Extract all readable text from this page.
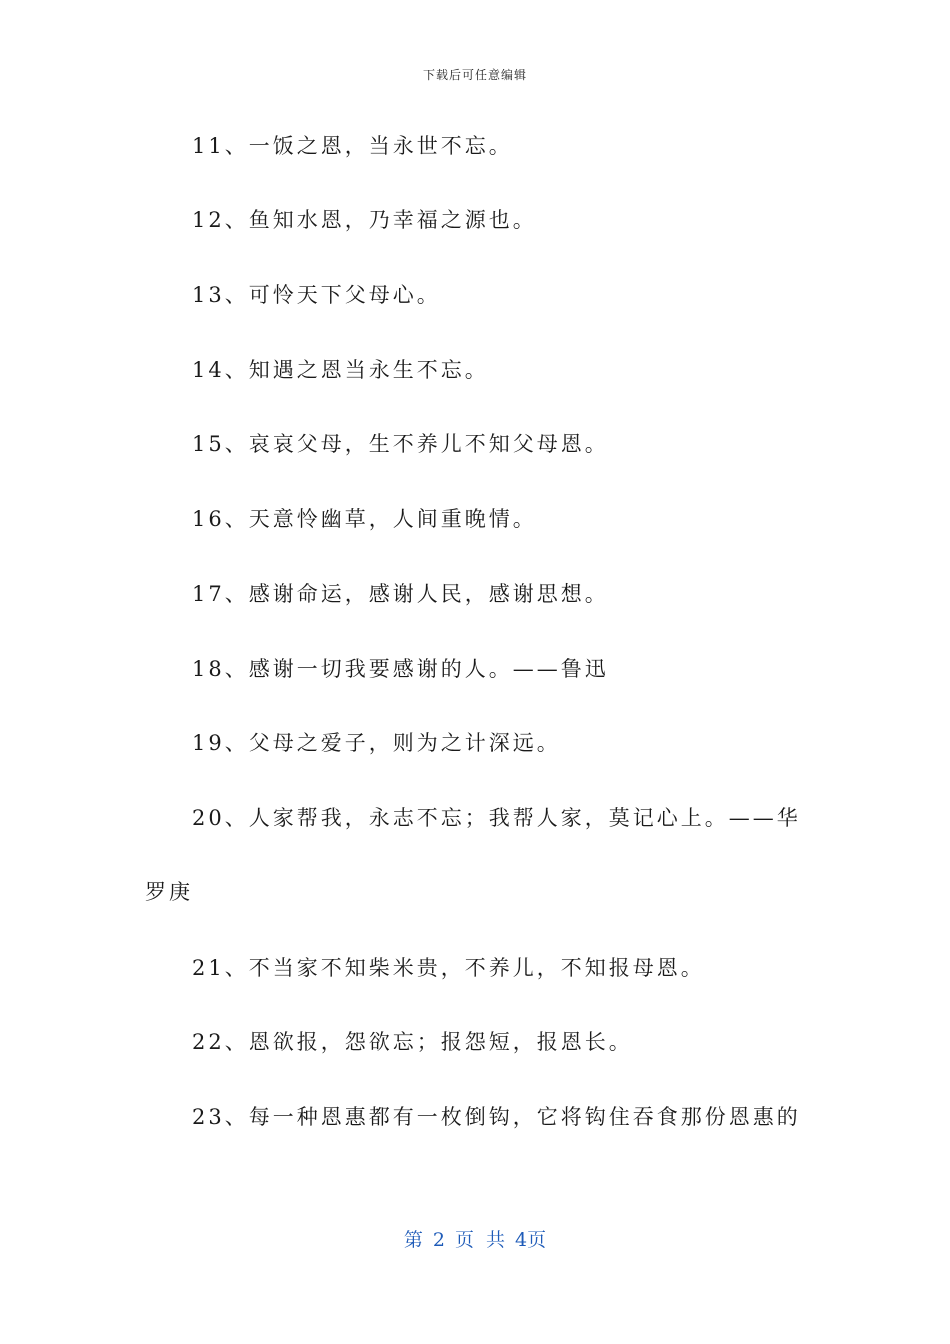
下载后可任意编辑
11、一饭之恩，当永世不忘。
12、鱼知水恩，乃幸福之源也。
13、可怜天下父母心。
14、知遇之恩当永生不忘。
15、哀哀父母，生不养儿不知父母恩。
16、天意怜幽草，人间重晚情。
17、感谢命运，感谢人民，感谢思想。
18、感谢一切我要感谢的人。——鲁迅
19、父母之爱子，则为之计深远。
20、人家帮我，永志不忘；我帮人家，莫记心上。——华
罗庚
21、不当家不知柴米贵，不养儿，不知报母恩。
22、恩欲报，怨欲忘；报怨短，报恩长。
23、每一种恩惠都有一枚倒钩，它将钩住吞食那份恩惠的
第 2 页 共 4页
